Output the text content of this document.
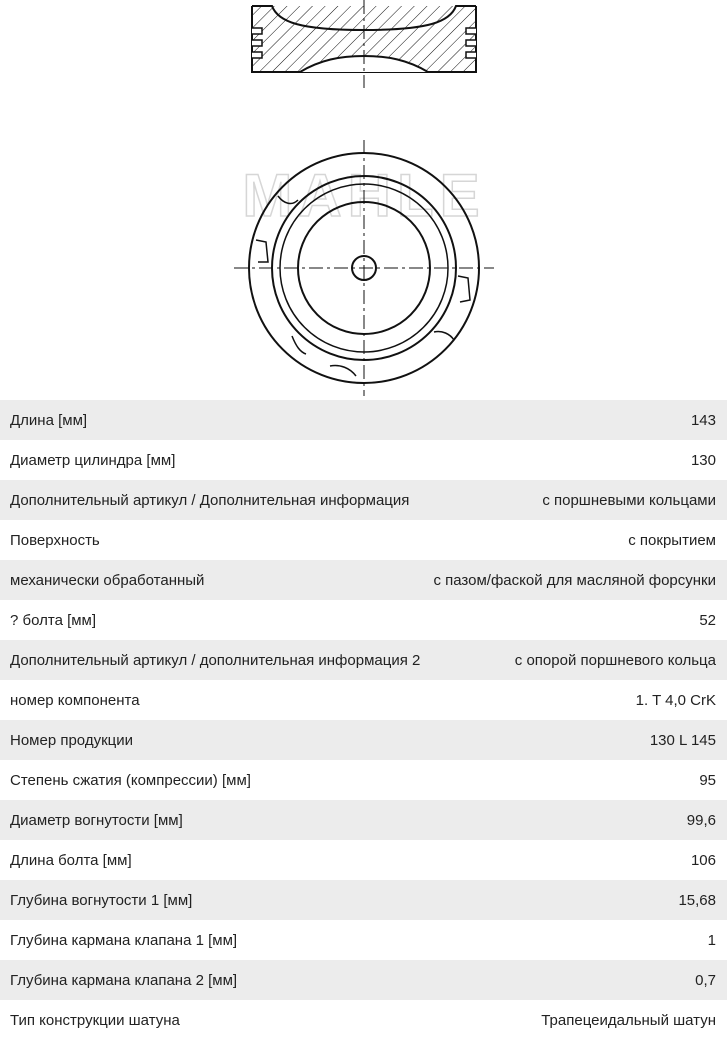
MAHLE
Длина [мм]	143
Диаметр цилиндра [мм]	130
Дополнительный артикул / Дополнительная информация	с поршневыми кольцами
Поверхность	с покрытием
механически обработанный	с пазом/фаской для масляной форсунки
? болта [мм]	52
Дополнительный артикул / дополнительная информация 2	с опорой поршневого кольца
номер компонента	1. T 4,0 CrK
Номер продукции	130 L 145
Степень сжатия (компрессии) [мм]	95
Диаметр вогнутости [мм]	99,6
Длина болта [мм]	106
Глубина вогнутости 1 [мм]	15,68
Глубина кармана клапана 1 [мм]	1
Глубина кармана клапана 2 [мм]	0,7
Тип конструкции шатуна	Трапецеидальный шатун
